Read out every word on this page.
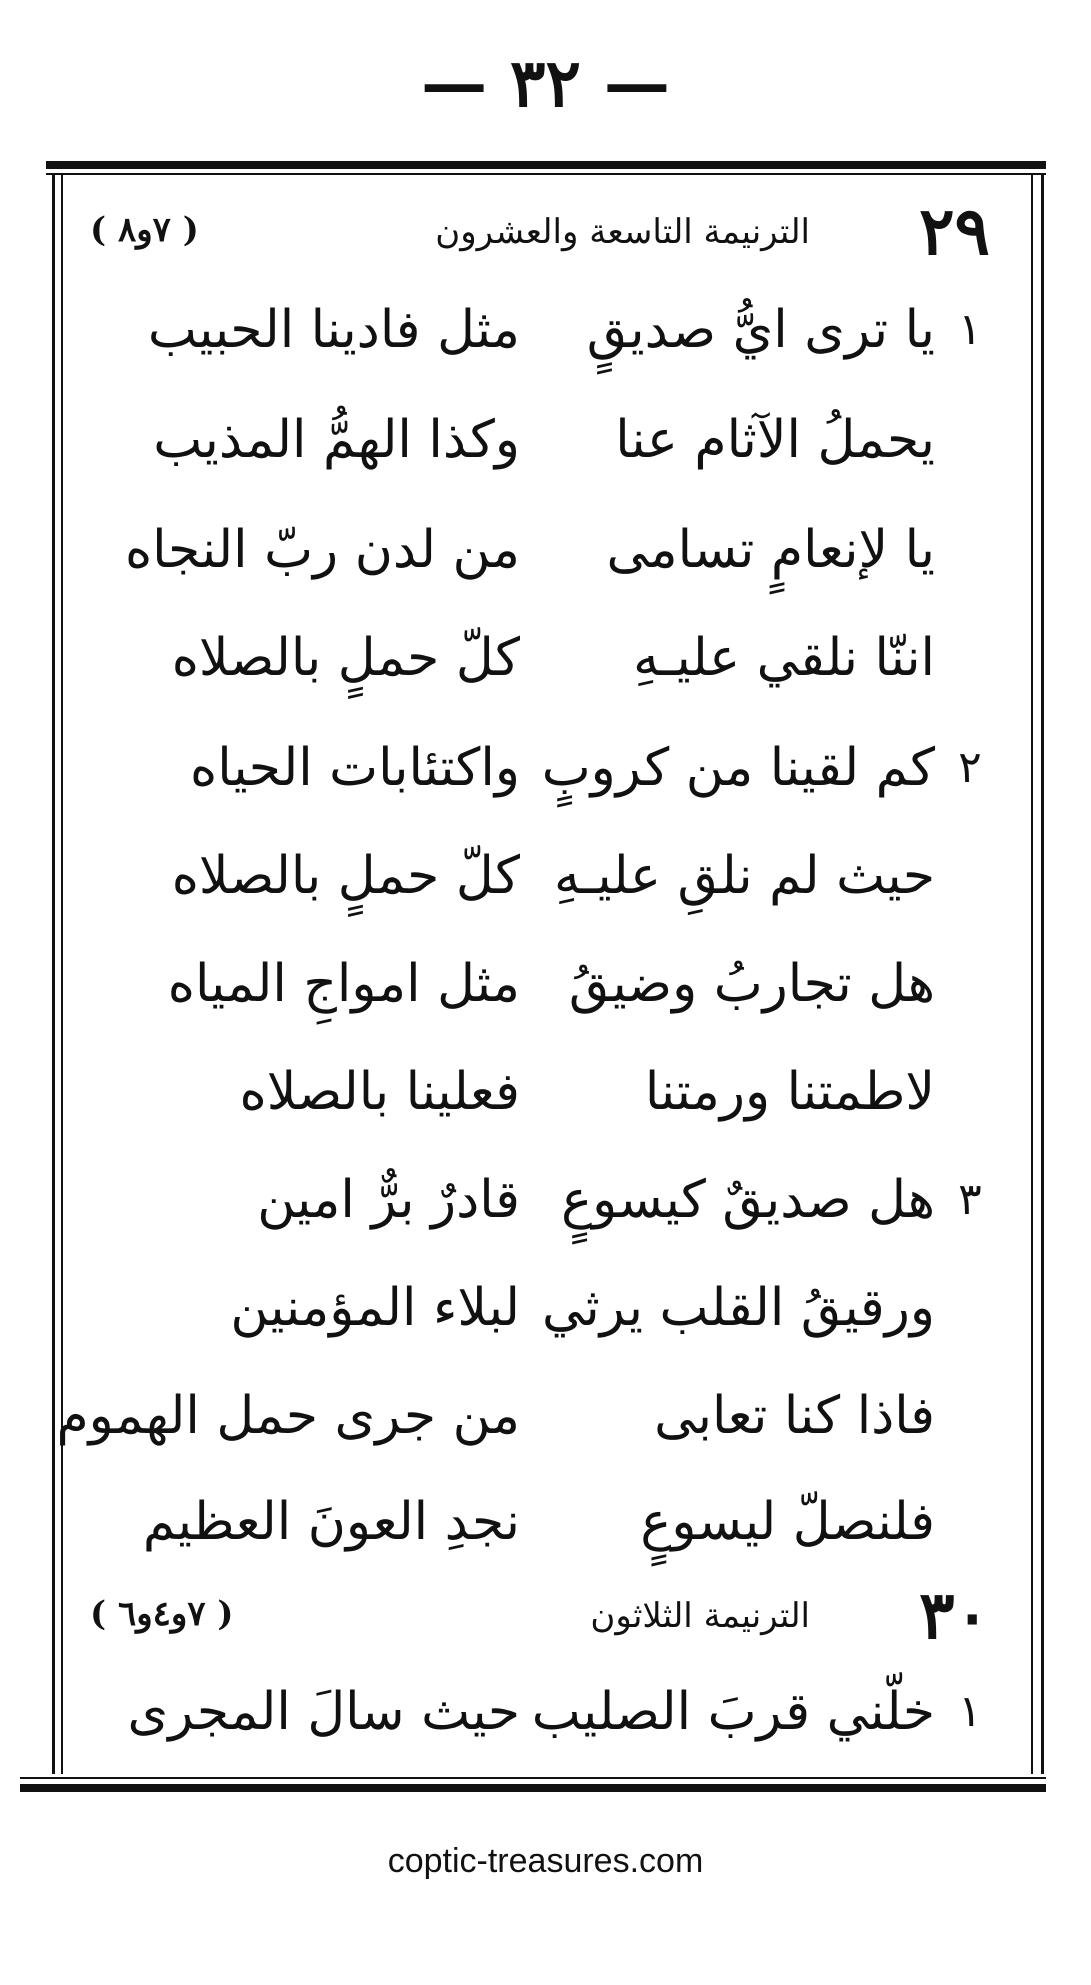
— ٣٢ —
٢٩
الترنيمة التاسعة والعشرون
( ٧و٨ )
١
يا ترى ايُّ صديقٍ
مثل فادينا الحبيب
يحملُ الآثام عنا
وكذا الهمُّ المذيب
يا لإنعامٍ تسامى
من لدن ربّ النجاه
اننّا نلقي عليـهِ
كلّ حملٍ بالصلاه
٢
كم لقينا من كروبٍ
واكتئابات الحياه
حيث لم نلقِ عليـهِ
كلّ حملٍ بالصلاه
هل تجاربُ وضيقُ
مثل امواجِ المياه
لاطمتنا ورمتنا
فعلينا بالصلاه
٣
هل صديقٌ كيسوعٍ
قادرٌ برٌّ امين
ورقيقُ القلب يرثي
لبلاء المؤمنين
فاذا كنا تعابى
من جرى حمل الهموم
فلنصلّ ليسوعٍ
نجدِ العونَ العظيم
٣٠
الترنيمة الثلاثون
( ٧و٤و٦ )
١
خلّني قربَ الصليب
حيث سالَ المجرى
coptic-treasures.com
